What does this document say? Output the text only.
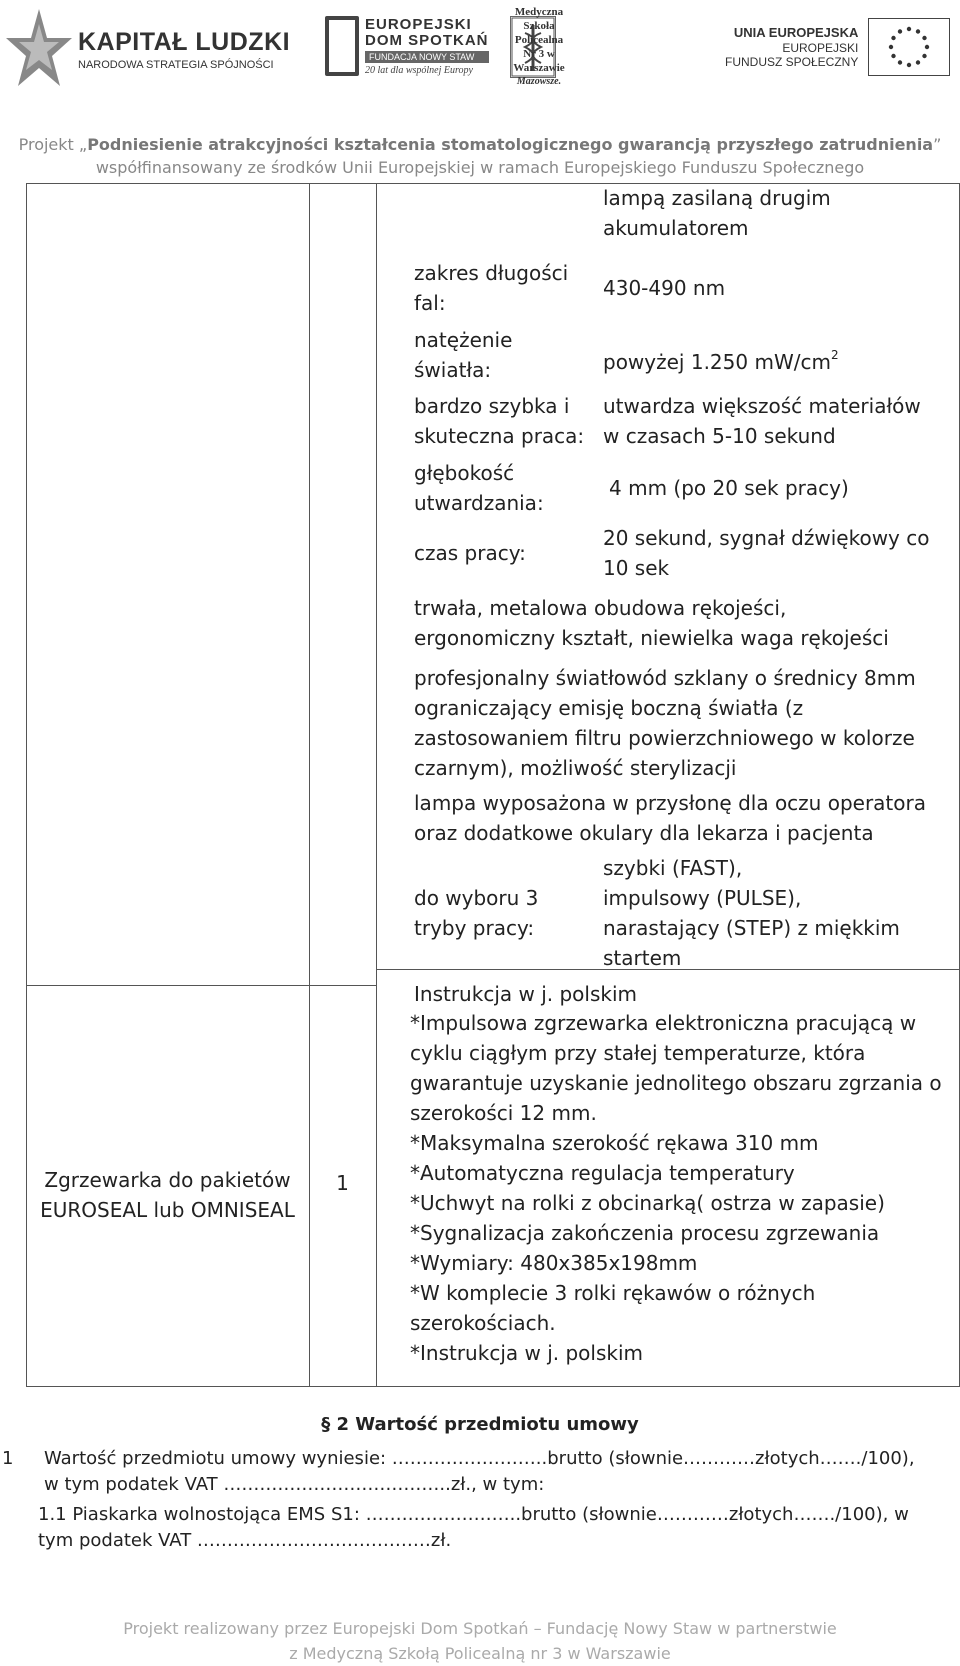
KAPITAŁ LUDZKI
NARODOWA STRATEGIA SPÓJNOŚCI
EUROPEJSKI
DOM SPOTKAŃ
FUNDACJA NOWY STAW
20 lat dla wspólnej Europy
Medyczna
Szkoła Policealna
Nr 3 w Warszawie
Mazowsze.
UNIA EUROPEJSKA
EUROPEJSKI
FUNDUSZ SPOŁECZNY
Projekt „Podniesienie atrakcyjności kształcenia stomatologicznego gwarancją przyszłego zatrudnienia”
współfinansowany ze środków Unii Europejskiej w ramach Europejskiego Funduszu Społecznego
lampą zasilaną drugim
akumulatorem
zakres długości
fal:
430-490 nm
natężenie
światła:	powyżej 1.250 $mW/cm^2$
bardzo szybka i
skuteczna praca:
utwardza większość materiałów
w czasach 5-10 sekund
głębokość
utwardzania:
4 mm (po 20 sek pracy)
czas pracy:
20 sekund, sygnał dźwiękowy co
10 sek
trwała, metalowa obudowa rękojeści,
ergonomiczny kształt, niewielka waga rękojeści
profesjonalny światłowód szklany o średnicy 8mm
ograniczający emisję boczną światła (z
zastosowaniem filtru powierzchniowego w kolorze
czarnym), możliwość sterylizacji
lampa wyposażona w przysłonę dla oczu operatora
oraz dodatkowe okulary dla lekarza i pacjenta
do wyboru 3
tryby pracy:
szybki (FAST),
impulsowy (PULSE),
narastający (STEP) z miękkim
startem
Instrukcja w j. polskim
Zgrzewarka do pakietów
EUROSEAL lub OMNISEAL
1
*Impulsowa zgrzewarka elektroniczna pracującą w
cyklu ciągłym przy stałej temperaturze, która
gwarantuje uzyskanie jednolitego obszaru zgrzania o
szerokości 12 mm.
*Maksymalna szerokość rękawa 310 mm
*Automatyczna regulacja temperatury
*Uchwyt na rolki z obcinarką( ostrza w zapasie)
*Sygnalizacja zakończenia procesu zgrzewania
*Wymiary: 480x385x198mm
*W komplecie 3 rolki rękawów o różnych
szerokościach.
*Instrukcja w j. polskim
§ 2 Wartość przedmiotu umowy
1 Wartość przedmiotu umowy wyniesie: ……………………..brutto (słownie…………złotych……./100),
w tym podatek VAT ………………………………..zł., w tym:
1.1 Piaskarka wolnostojąca EMS S1: ……………………..brutto (słownie…………złotych……./100), w
tym podatek VAT …………………………………zł.
Projekt realizowany przez Europejski Dom Spotkań – Fundację Nowy Staw w partnerstwie
z Medyczną Szkołą Policealną nr 3 w Warszawie
